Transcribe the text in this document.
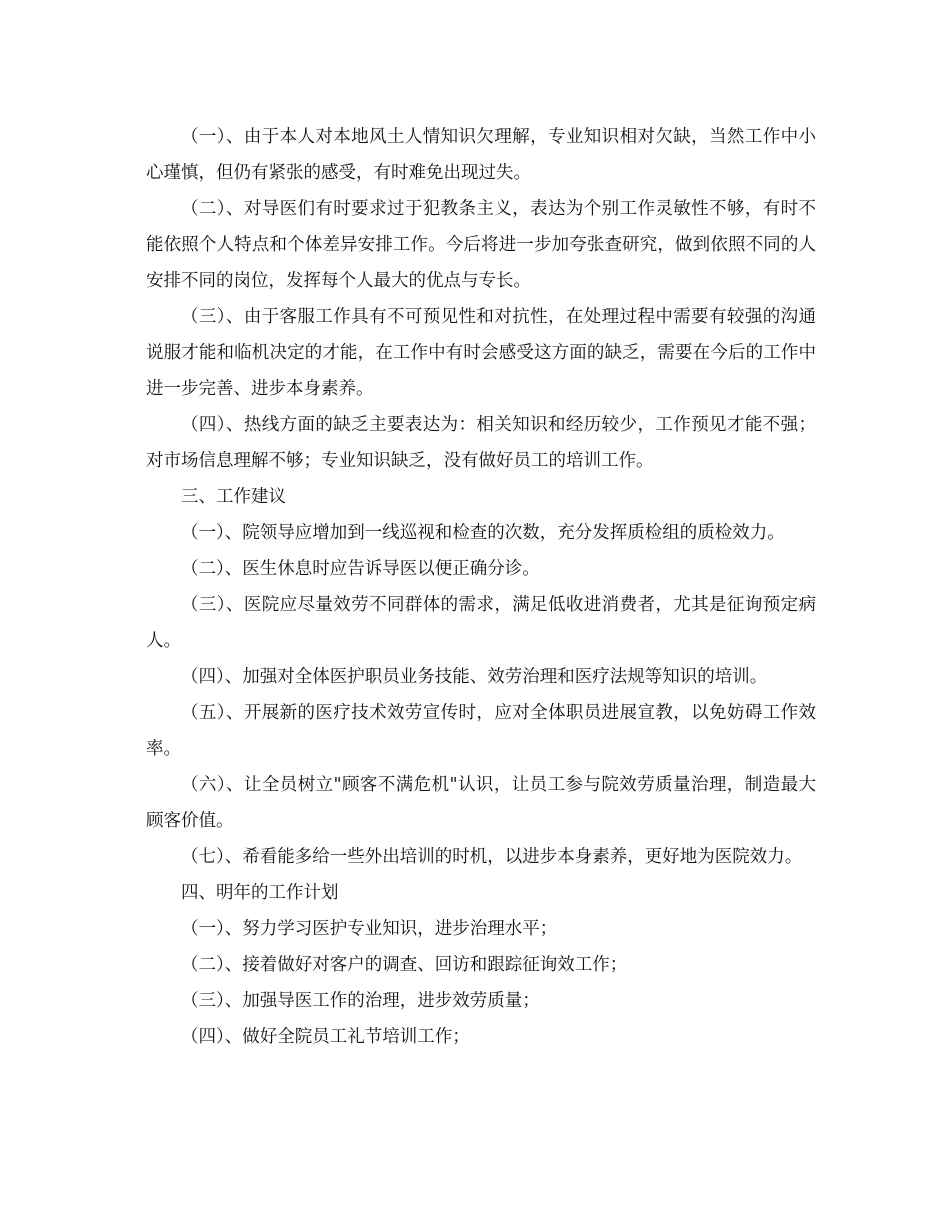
（一）、由于本人对本地风土人情知识欠理解，专业知识相对欠缺，当然工作中小心瑾慎，但仍有紧张的感受，有时难免出现过失。

（二）、对导医们有时要求过于犯教条主义，表达为个别工作灵敏性不够，有时不能依照个人特点和个体差异安排工作。今后将进一步加夸张查研究，做到依照不同的人安排不同的岗位，发挥每个人最大的优点与专长。

（三）、由于客服工作具有不可预见性和对抗性，在处理过程中需要有较强的沟通说服才能和临机决定的才能，在工作中有时会感受这方面的缺乏，需要在今后的工作中进一步完善、进步本身素养。

（四）、热线方面的缺乏主要表达为：相关知识和经历较少，工作预见才能不强；对市场信息理解不够；专业知识缺乏，没有做好员工的培训工作。

三、工作建议

（一）、院领导应增加到一线巡视和检查的次数，充分发挥质检组的质检效力。

（二）、医生休息时应告诉导医以便正确分诊。

（三）、医院应尽量效劳不同群体的需求，满足低收进消费者，尤其是征询预定病人。

（四）、加强对全体医护职员业务技能、效劳治理和医疗法规等知识的培训。

（五）、开展新的医疗技术效劳宣传时，应对全体职员进展宣教，以免妨碍工作效率。

（六）、让全员树立"顾客不满危机"认识，让员工参与院效劳质量治理，制造最大顾客价值。

（七）、希看能多给一些外出培训的时机，以进步本身素养，更好地为医院效力。

四、明年的工作计划

（一）、努力学习医护专业知识，进步治理水平；

（二）、接着做好对客户的调查、回访和跟踪征询效工作；

（三）、加强导医工作的治理，进步效劳质量；

（四）、做好全院员工礼节培训工作；
